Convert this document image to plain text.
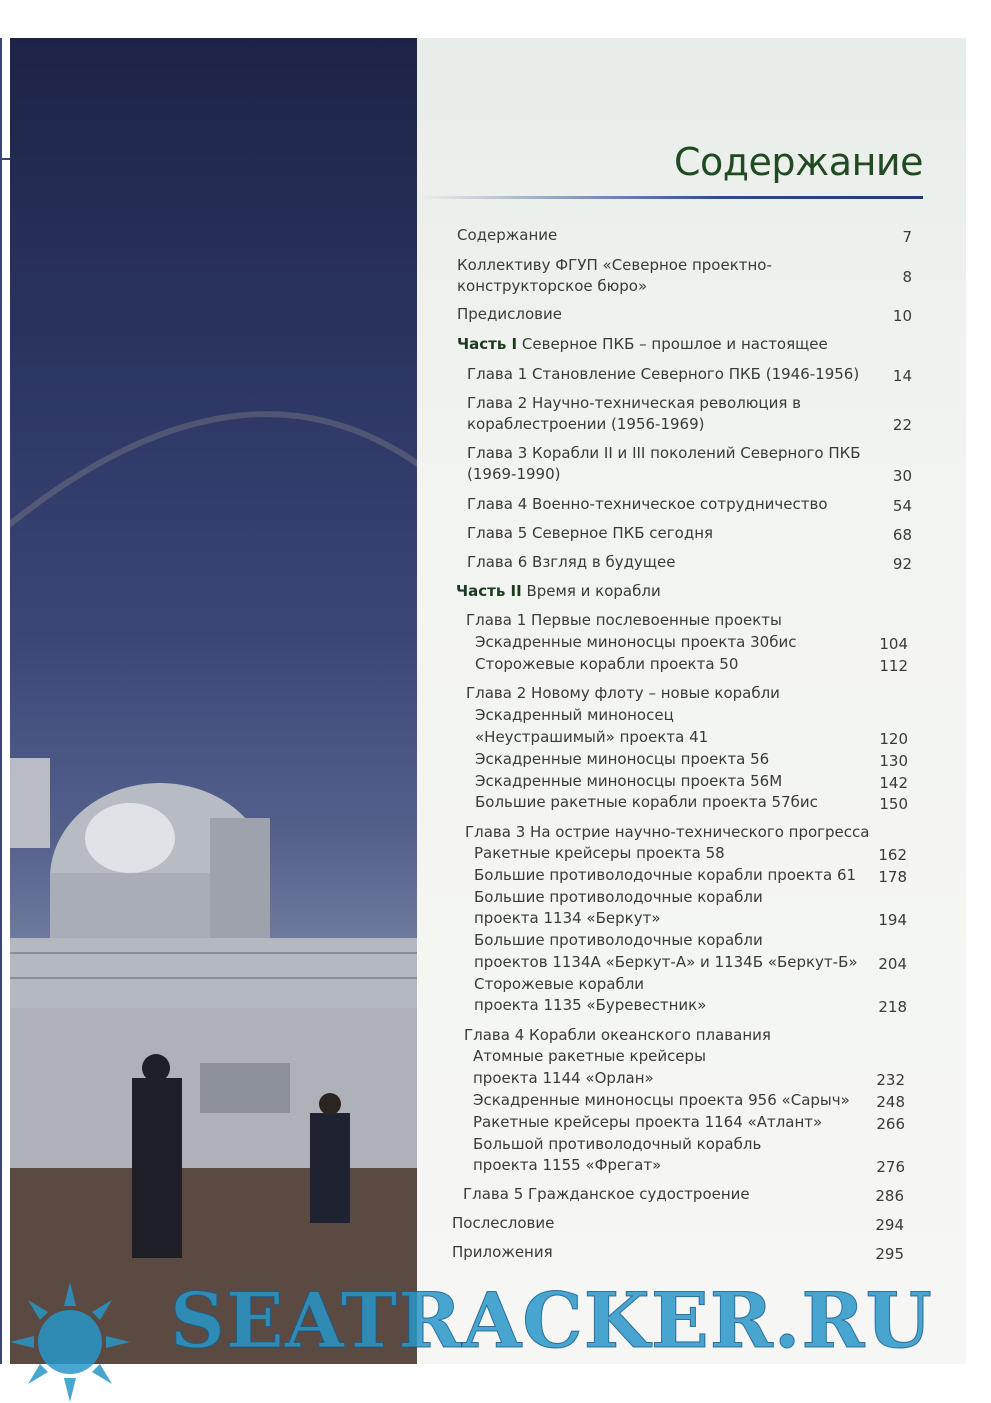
Содержание
Содержание	7
Коллективу ФГУП «Северное проектно-
конструкторское бюро»	8
Предисловие	10
Часть I Северное ПКБ – прошлое и настоящее
Глава 1 Становление Северного ПКБ (1946-1956)	14
Глава 2 Научно-техническая революция в
кораблестроении (1956-1969)	22
Глава 3 Корабли II и III поколений Северного ПКБ
(1969-1990)	30
Глава 4 Военно-техническое сотрудничество	54
Глава 5 Северное ПКБ сегодня	68
Глава 6 Взгляд в будущее	92
Часть II Время и корабли
Глава 1 Первые послевоенные проекты
Эскадренные миноносцы проекта 30бис	104
Сторожевые корабли проекта 50	112
Глава 2 Новому флоту – новые корабли
Эскадренный миноносец
«Неустрашимый» проекта 41	120
Эскадренные миноносцы проекта 56	130
Эскадренные миноносцы проекта 56М	142
Большие ракетные корабли проекта 57бис	150
Глава 3 На острие научно-технического прогресса
Ракетные крейсеры проекта 58	162
Большие противолодочные корабли проекта 61	178
Большие противолодочные корабли
проекта 1134 «Беркут»	194
Большие противолодочные корабли
проектов 1134А «Беркут-А» и 1134Б «Беркут-Б»	204
Сторожевые корабли
проекта 1135 «Буревестник»	218
Глава 4 Корабли океанского плавания
Атомные ракетные крейсеры
проекта 1144 «Орлан»	232
Эскадренные миноносцы проекта 956 «Сарыч»	248
Ракетные крейсеры проекта 1164 «Атлант»	266
Большой противолодочный корабль
проекта 1155 «Фрегат»	276
Глава 5 Гражданское судостроение	286
Послесловие	294
Приложения	295
SEATRACKER.RU
